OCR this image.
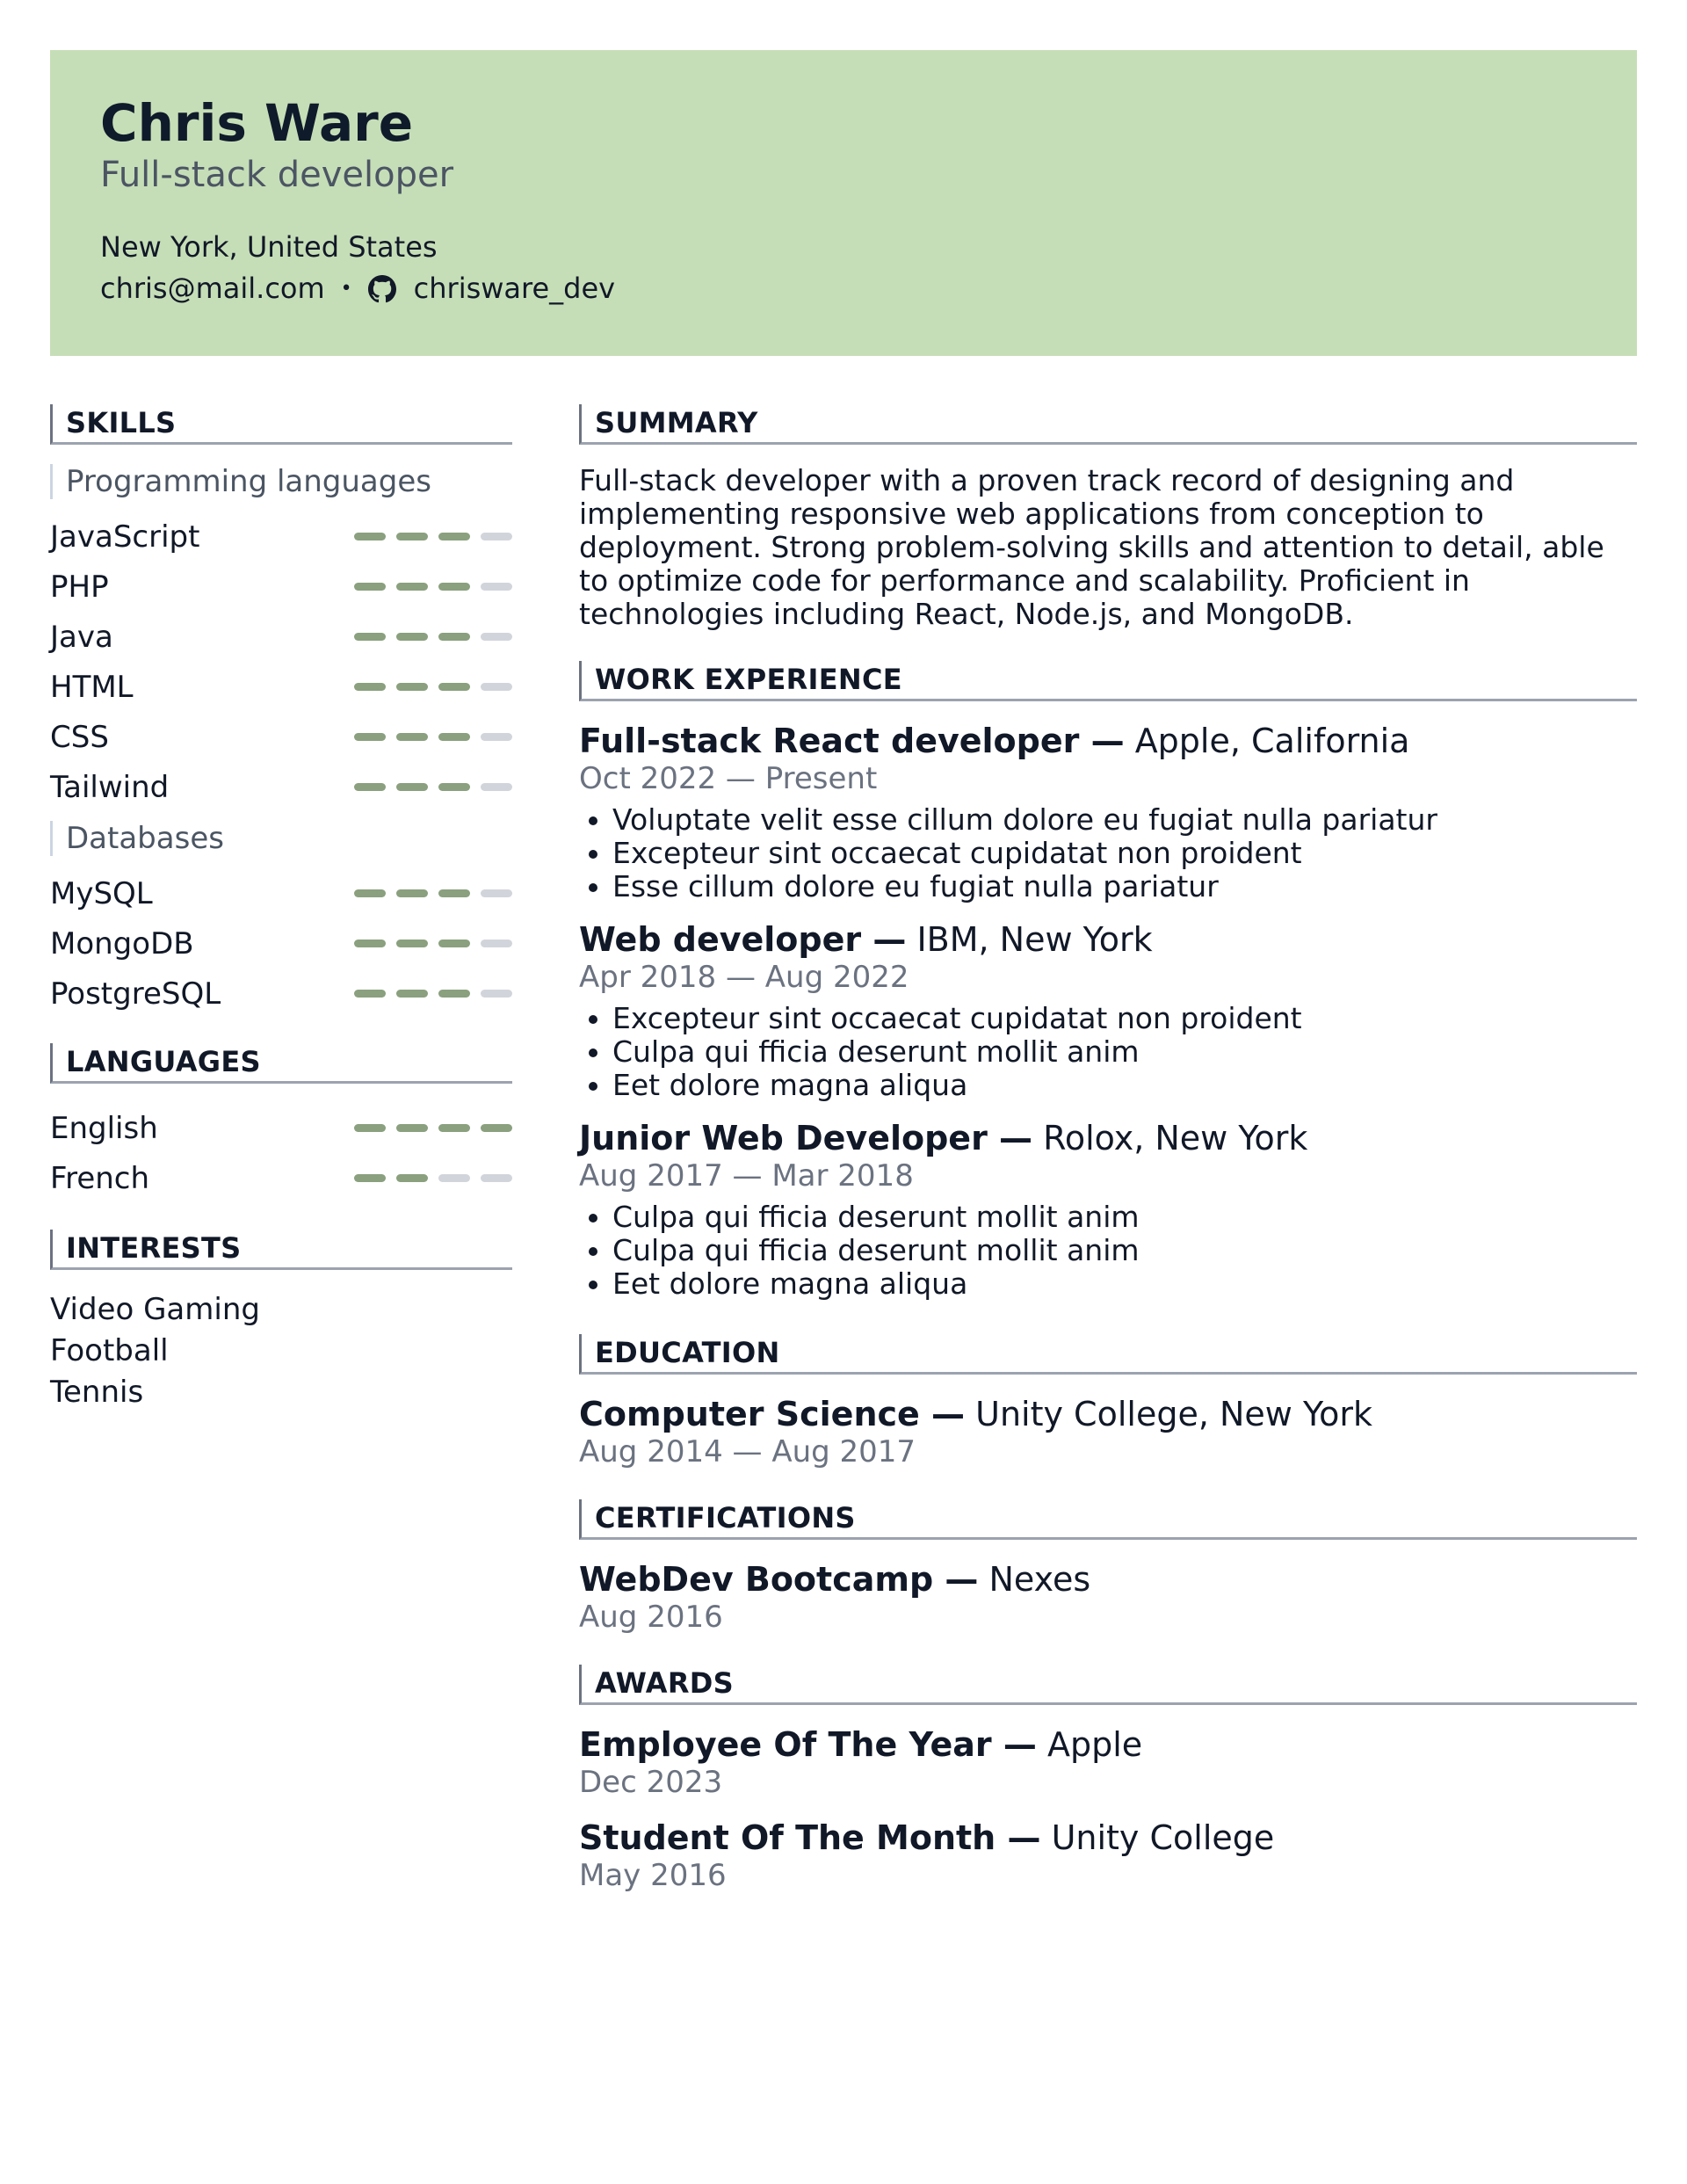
Chris Ware
Full-stack developer
New York, United States
chris@mail.com • chrisware_dev
SKILLS
Programming languages
JavaScript
PHP
Java
HTML
CSS
Tailwind
Databases
MySQL
MongoDB
PostgreSQL
LANGUAGES
English
French
INTERESTS
Video Gaming
Football
Tennis
SUMMARY

Full-stack developer with a proven track record of designing and implementing responsive web applications from conception to deployment. Strong problem-solving skills and attention to detail, able to optimize code for performance and scalability. Proficient in technologies including React, Node.js, and MongoDB.

WORK EXPERIENCE
Full-stack React developer — Apple, California
Oct 2022 — Present
• Voluptate velit esse cillum dolore eu fugiat nulla pariatur
• Excepteur sint occaecat cupidatat non proident
• Esse cillum dolore eu fugiat nulla pariatur
Web developer — IBM, New York
Apr 2018 — Aug 2022
• Excepteur sint occaecat cupidatat non proident
• Culpa qui fficia deserunt mollit anim
• Eet dolore magna aliqua
Junior Web Developer — Rolox, New York
Aug 2017 — Mar 2018
• Culpa qui fficia deserunt mollit anim
• Culpa qui fficia deserunt mollit anim
• Eet dolore magna aliqua
EDUCATION
Computer Science — Unity College, New York
Aug 2014 — Aug 2017
CERTIFICATIONS
WebDev Bootcamp — Nexes
Aug 2016
AWARDS
Employee Of The Year — Apple
Dec 2023
Student Of The Month — Unity College
May 2016
